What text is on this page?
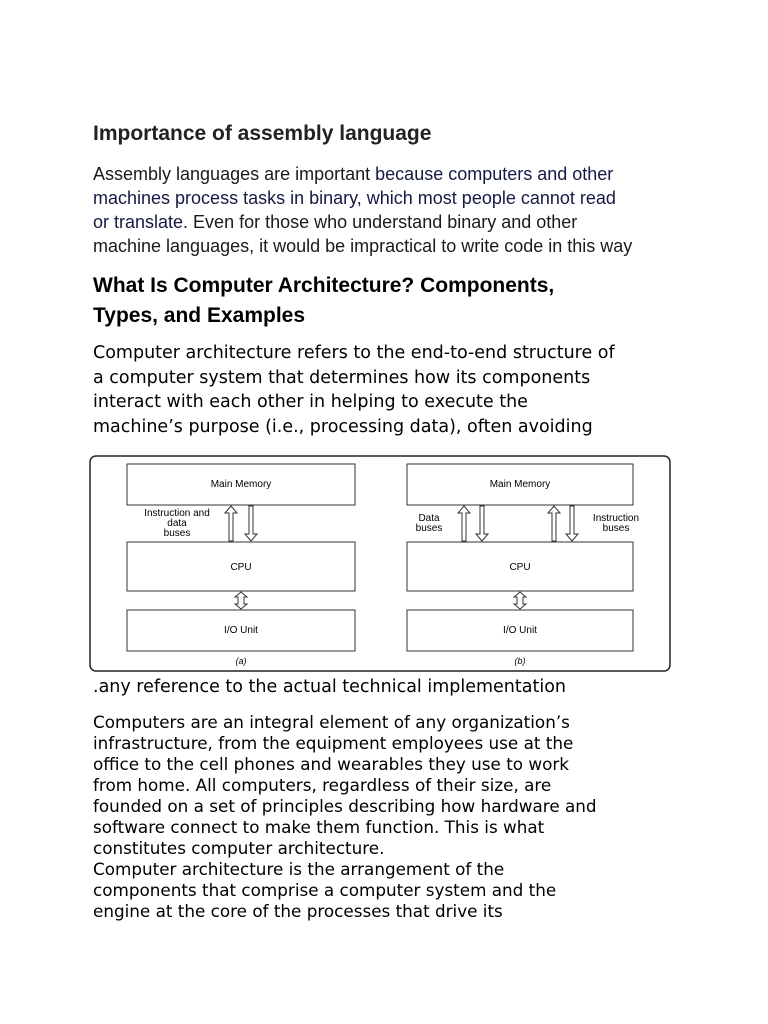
Importance of assembly language

Assembly languages are important because computers and other
machines process tasks in binary, which most people cannot read
or translate. Even for those who understand binary and other
machine languages, it would be impractical to write code in this way

What Is Computer Architecture? Components,
Types, and Examples

Computer architecture refers to the end-to-end structure of
a computer system that determines how its components
interact with each other in helping to execute the
machine’s purpose (i.e., processing data), often avoiding

Main Memory
Instruction and
data
buses
CPU
I/O Unit
(a)
Main Memory
Data
buses
Instruction
buses
CPU
I/O Unit
(b)

.any reference to the actual technical implementation

Computers are an integral element of any organization’s
infrastructure, from the equipment employees use at the
office to the cell phones and wearables they use to work
from home. All computers, regardless of their size, are
founded on a set of principles describing how hardware and
software connect to make them function. This is what
constitutes computer architecture.
Computer architecture is the arrangement of the
components that comprise a computer system and the
engine at the core of the processes that drive its
